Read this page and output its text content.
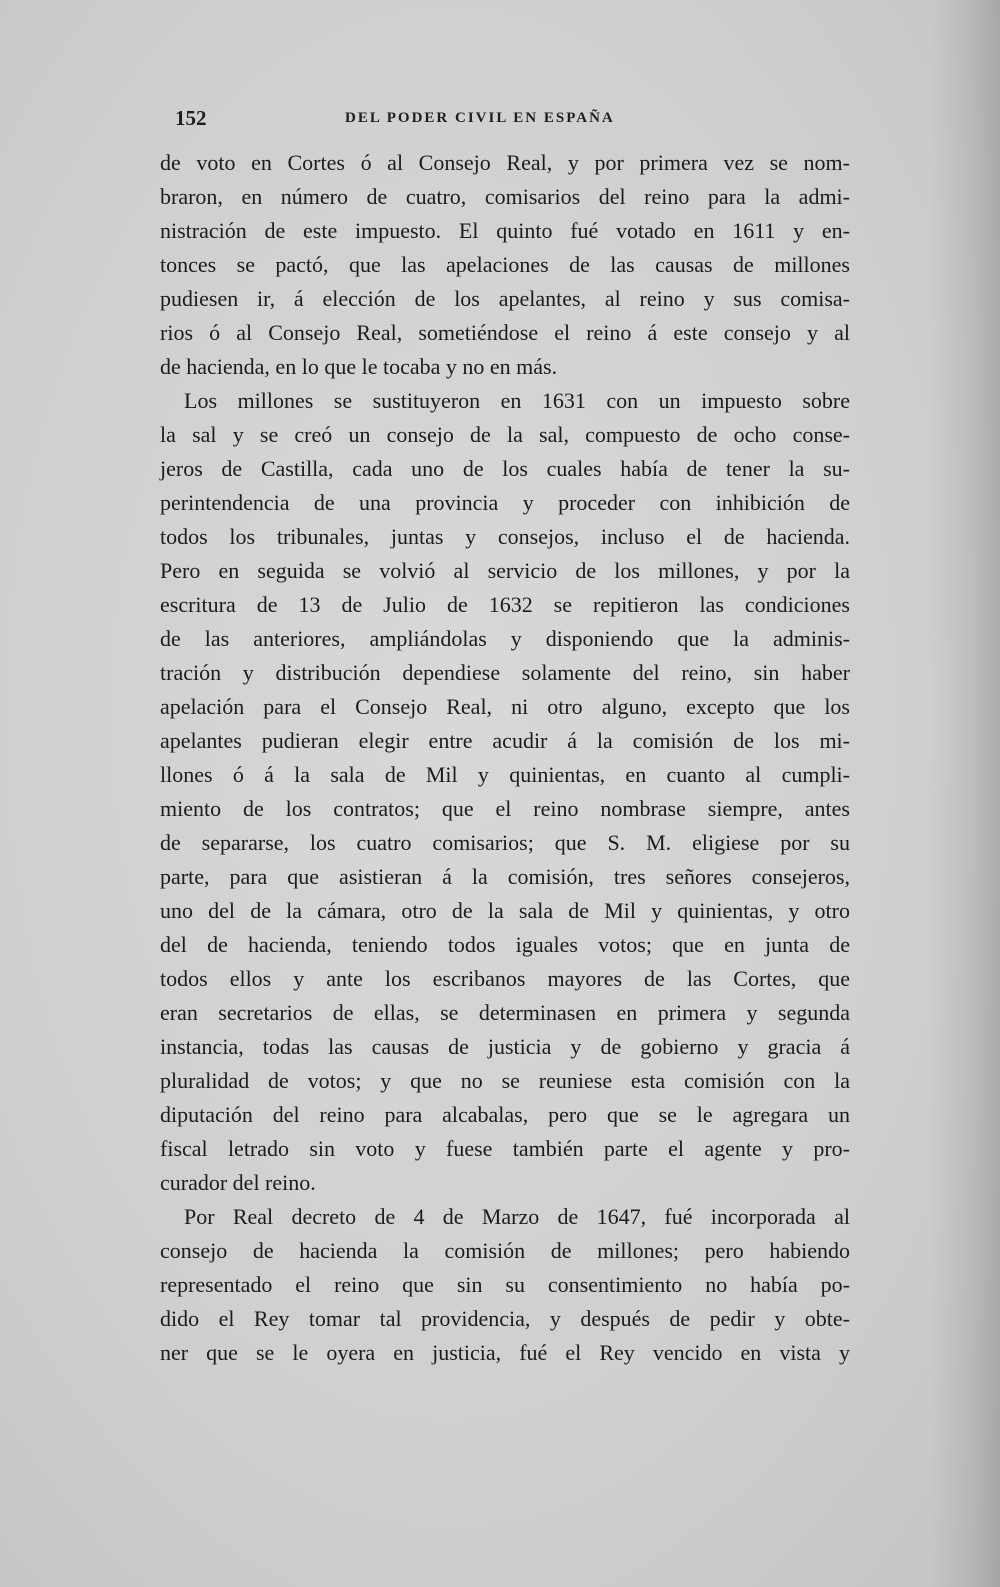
152	DEL PODER CIVIL EN ESPAÑA
de voto en Cortes ó al Consejo Real, y por primera vez se nom-
braron, en número de cuatro, comisarios del reino para la admi-
nistración de este impuesto. El quinto fué votado en 1611 y en-
tonces se pactó, que las apelaciones de las causas de millones
pudiesen ir, á elección de los apelantes, al reino y sus comisa-
rios ó al Consejo Real, sometiéndose el reino á este consejo y al
de hacienda, en lo que le tocaba y no en más.
Los millones se sustituyeron en 1631 con un impuesto sobre
la sal y se creó un consejo de la sal, compuesto de ocho conse-
jeros de Castilla, cada uno de los cuales había de tener la su-
perintendencia de una provincia y proceder con inhibición de
todos los tribunales, juntas y consejos, incluso el de hacienda.
Pero en seguida se volvió al servicio de los millones, y por la
escritura de 13 de Julio de 1632 se repitieron las condiciones
de las anteriores, ampliándolas y disponiendo que la adminis-
tración y distribución dependiese solamente del reino, sin haber
apelación para el Consejo Real, ni otro alguno, excepto que los
apelantes pudieran elegir entre acudir á la comisión de los mi-
llones ó á la sala de Mil y quinientas, en cuanto al cumpli-
miento de los contratos; que el reino nombrase siempre, antes
de separarse, los cuatro comisarios; que S. M. eligiese por su
parte, para que asistieran á la comisión, tres señores consejeros,
uno del de la cámara, otro de la sala de Mil y quinientas, y otro
del de hacienda, teniendo todos iguales votos; que en junta de
todos ellos y ante los escribanos mayores de las Cortes, que
eran secretarios de ellas, se determinasen en primera y segunda
instancia, todas las causas de justicia y de gobierno y gracia á
pluralidad de votos; y que no se reuniese esta comisión con la
diputación del reino para alcabalas, pero que se le agregara un
fiscal letrado sin voto y fuese también parte el agente y pro-
curador del reino.
Por Real decreto de 4 de Marzo de 1647, fué incorporada al
consejo de hacienda la comisión de millones; pero habiendo
representado el reino que sin su consentimiento no había po-
dido el Rey tomar tal providencia, y después de pedir y obte-
ner que se le oyera en justicia, fué el Rey vencido en vista y
